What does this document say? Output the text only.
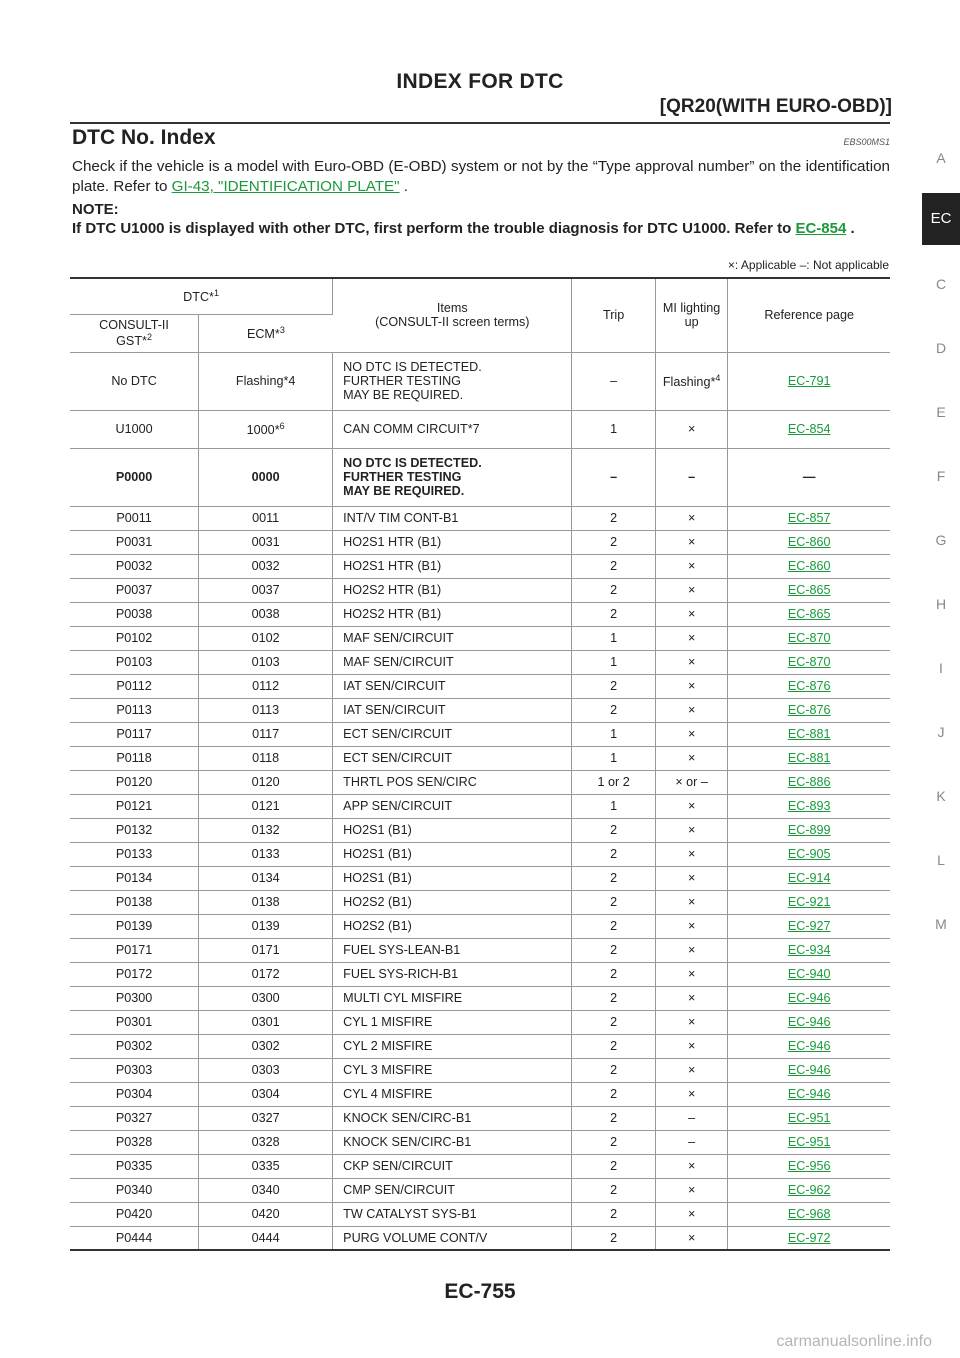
INDEX FOR DTC
[QR20(WITH EURO-OBD)]
DTC No. Index	EBS00MS1
Check if the vehicle is a model with Euro-OBD (E-OBD) system or not by the “Type approval number” on the identification plate. Refer to GI-43, "IDENTIFICATION PLATE" .
NOTE:
If DTC U1000 is displayed with other DTC, first perform the trouble diagnosis for DTC U1000. Refer to EC-854 .
×: Applicable –: Not applicable
A
EC
C
D
E
F
G
H
I
J
K
L
M
DTC*$^1$		Items
(CONSULT-II screen terms)	Trip	MI lighting up	Reference page
CONSULT-II
GST*$^2$	ECM*$^3$
No DTC	Flashing*4	NO DTC IS DETECTED.
FURTHER TESTING
MAY BE REQUIRED.	–	Flashing*$^4$	EC-791
U1000	1000*$^6$	CAN COMM CIRCUIT*7	1	×	EC-854
P0000	0000	NO DTC IS DETECTED.
FURTHER TESTING
MAY BE REQUIRED.	–	–	—
P0011	0011	INT/V TIM CONT-B1	2	×	EC-857
P0031	0031	HO2S1 HTR (B1)	2	×	EC-860
P0032	0032	HO2S1 HTR (B1)	2	×	EC-860
P0037	0037	HO2S2 HTR (B1)	2	×	EC-865
P0038	0038	HO2S2 HTR (B1)	2	×	EC-865
P0102	0102	MAF SEN/CIRCUIT	1	×	EC-870
P0103	0103	MAF SEN/CIRCUIT	1	×	EC-870
P0112	0112	IAT SEN/CIRCUIT	2	×	EC-876
P0113	0113	IAT SEN/CIRCUIT	2	×	EC-876
P0117	0117	ECT SEN/CIRCUIT	1	×	EC-881
P0118	0118	ECT SEN/CIRCUIT	1	×	EC-881
P0120	0120	THRTL POS SEN/CIRC	1 or 2	× or –	EC-886
P0121	0121	APP SEN/CIRCUIT	1	×	EC-893
P0132	0132	HO2S1 (B1)	2	×	EC-899
P0133	0133	HO2S1 (B1)	2	×	EC-905
P0134	0134	HO2S1 (B1)	2	×	EC-914
P0138	0138	HO2S2 (B1)	2	×	EC-921
P0139	0139	HO2S2 (B1)	2	×	EC-927
P0171	0171	FUEL SYS-LEAN-B1	2	×	EC-934
P0172	0172	FUEL SYS-RICH-B1	2	×	EC-940
P0300	0300	MULTI CYL MISFIRE	2	×	EC-946
P0301	0301	CYL 1 MISFIRE	2	×	EC-946
P0302	0302	CYL 2 MISFIRE	2	×	EC-946
P0303	0303	CYL 3 MISFIRE	2	×	EC-946
P0304	0304	CYL 4 MISFIRE	2	×	EC-946
P0327	0327	KNOCK SEN/CIRC-B1	2	–	EC-951
P0328	0328	KNOCK SEN/CIRC-B1	2	–	EC-951
P0335	0335	CKP SEN/CIRCUIT	2	×	EC-956
P0340	0340	CMP SEN/CIRCUIT	2	×	EC-962
P0420	0420	TW CATALYST SYS-B1	2	×	EC-968
P0444	0444	PURG VOLUME CONT/V	2	×	EC-972
EC-755
carmanualsonline.info
